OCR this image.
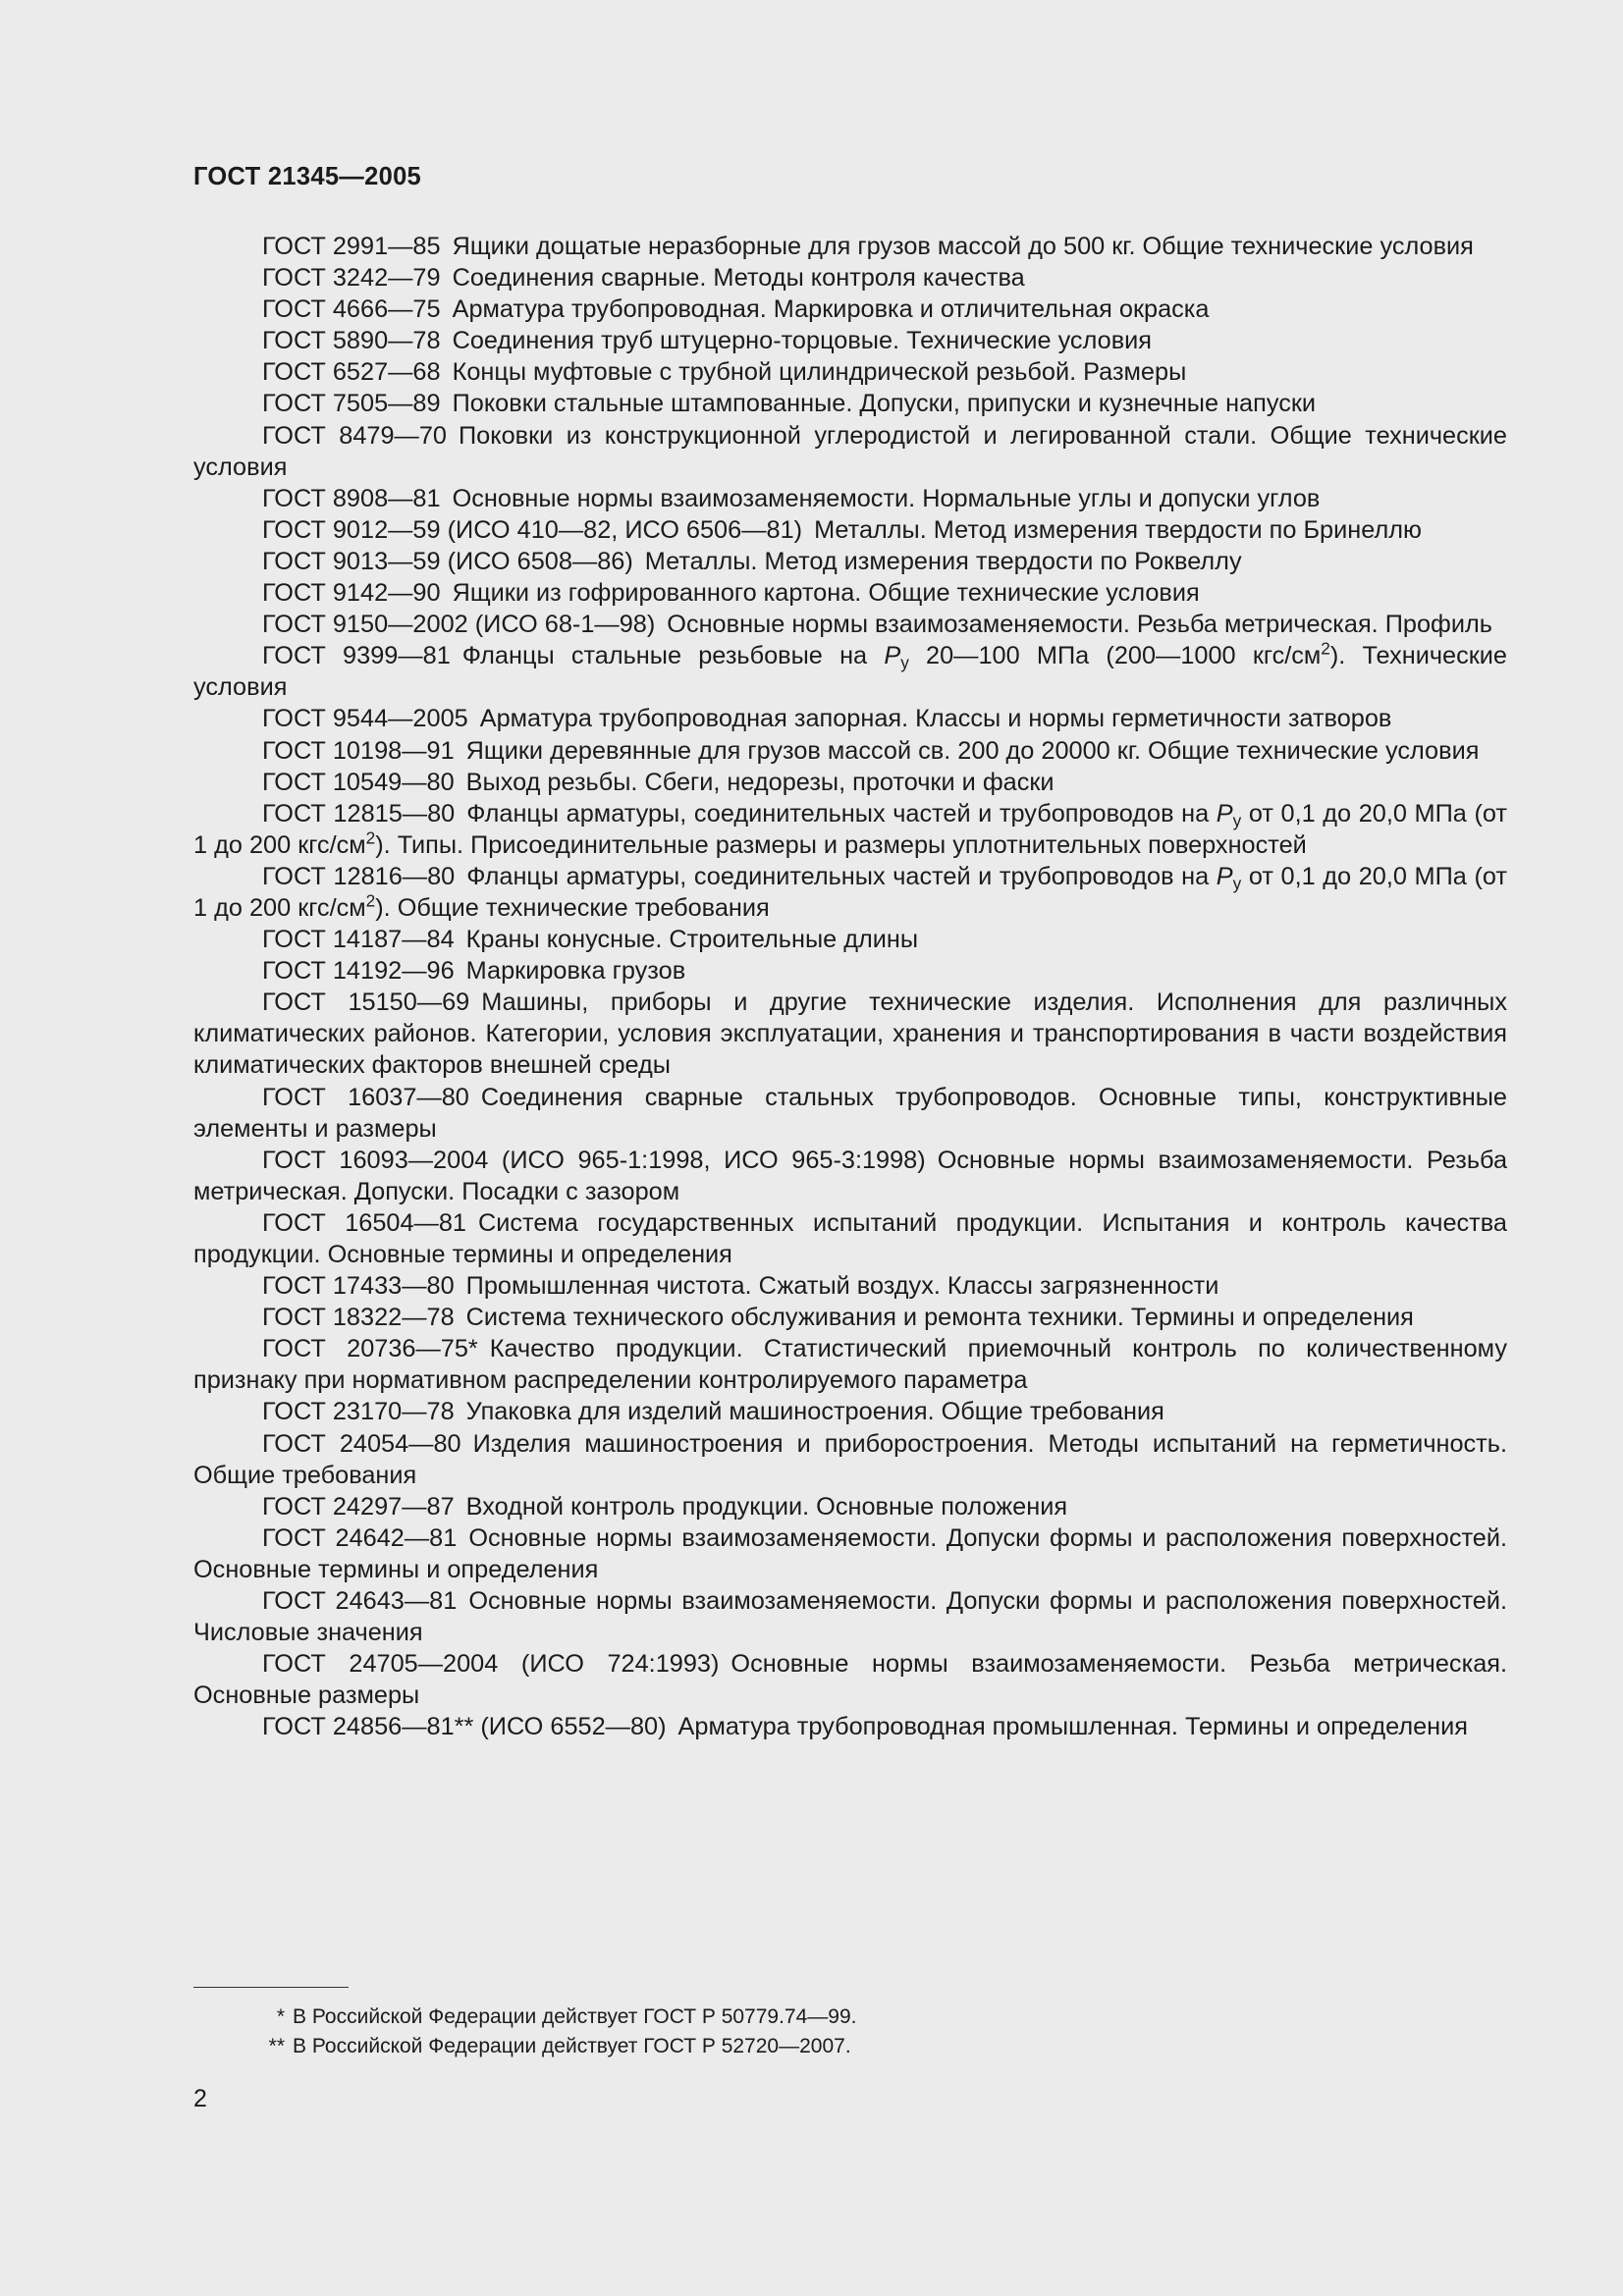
ГОСТ 21345—2005

ГОСТ 2991—85 Ящики дощатые неразборные для грузов массой до 500 кг. Общие технические условия

ГОСТ 3242—79 Соединения сварные. Методы контроля качества

ГОСТ 4666—75 Арматура трубопроводная. Маркировка и отличительная окраска

ГОСТ 5890—78 Соединения труб штуцерно-торцовые. Технические условия

ГОСТ 6527—68 Концы муфтовые с трубной цилиндрической резьбой. Размеры

ГОСТ 7505—89 Поковки стальные штампованные. Допуски, припуски и кузнечные напуски

ГОСТ 8479—70 Поковки из конструкционной углеродистой и легированной стали. Общие технические условия

ГОСТ 8908—81 Основные нормы взаимозаменяемости. Нормальные углы и допуски углов

ГОСТ 9012—59 (ИСО 410—82, ИСО 6506—81) Металлы. Метод измерения твердости по Бринеллю

ГОСТ 9013—59 (ИСО 6508—86) Металлы. Метод измерения твердости по Роквеллу

ГОСТ 9142—90 Ящики из гофрированного картона. Общие технические условия

ГОСТ 9150—2002 (ИСО 68-1—98) Основные нормы взаимозаменяемости. Резьба метрическая. Профиль

ГОСТ 9399—81 Фланцы стальные резьбовые на $P_у$ 20—100 МПа (200—1000 кгс/$см^2$). Технические условия

ГОСТ 9544—2005 Арматура трубопроводная запорная. Классы и нормы герметичности затворов

ГОСТ 10198—91 Ящики деревянные для грузов массой св. 200 до 20000 кг. Общие технические условия

ГОСТ 10549—80 Выход резьбы. Сбеги, недорезы, проточки и фаски

ГОСТ 12815—80 Фланцы арматуры, соединительных частей и трубопроводов на $P_у$ от 0,1 до 20,0 МПа (от 1 до 200 кгс/$см^2$). Типы. Присоединительные размеры и размеры уплотнительных поверхностей

ГОСТ 12816—80 Фланцы арматуры, соединительных частей и трубопроводов на $P_у$ от 0,1 до 20,0 МПа (от 1 до 200 кгс/$см^2$). Общие технические требования

ГОСТ 14187—84 Краны конусные. Строительные длины

ГОСТ 14192—96 Маркировка грузов

ГОСТ 15150—69 Машины, приборы и другие технические изделия. Исполнения для различных климатических районов. Категории, условия эксплуатации, хранения и транспортирования в части воздействия климатических факторов внешней среды

ГОСТ 16037—80 Соединения сварные стальных трубопроводов. Основные типы, конструктивные элементы и размеры

ГОСТ 16093—2004 (ИСО 965-1:1998, ИСО 965-3:1998) Основные нормы взаимозаменяемости. Резьба метрическая. Допуски. Посадки с зазором

ГОСТ 16504—81 Система государственных испытаний продукции. Испытания и контроль качества продукции. Основные термины и определения

ГОСТ 17433—80 Промышленная чистота. Сжатый воздух. Классы загрязненности

ГОСТ 18322—78 Система технического обслуживания и ремонта техники. Термины и определения

ГОСТ 20736—75* Качество продукции. Статистический приемочный контроль по количественному признаку при нормативном распределении контролируемого параметра

ГОСТ 23170—78 Упаковка для изделий машиностроения. Общие требования

ГОСТ 24054—80 Изделия машиностроения и приборостроения. Методы испытаний на герметичность. Общие требования

ГОСТ 24297—87 Входной контроль продукции. Основные положения

ГОСТ 24642—81 Основные нормы взаимозаменяемости. Допуски формы и расположения поверхностей. Основные термины и определения

ГОСТ 24643—81 Основные нормы взаимозаменяемости. Допуски формы и расположения поверхностей. Числовые значения

ГОСТ 24705—2004 (ИСО 724:1993) Основные нормы взаимозаменяемости. Резьба метрическая. Основные размеры

ГОСТ 24856—81** (ИСО 6552—80) Арматура трубопроводная промышленная. Термины и определения

* В Российской Федерации действует ГОСТ Р 50779.74—99.

** В Российской Федерации действует ГОСТ Р 52720—2007.

2
